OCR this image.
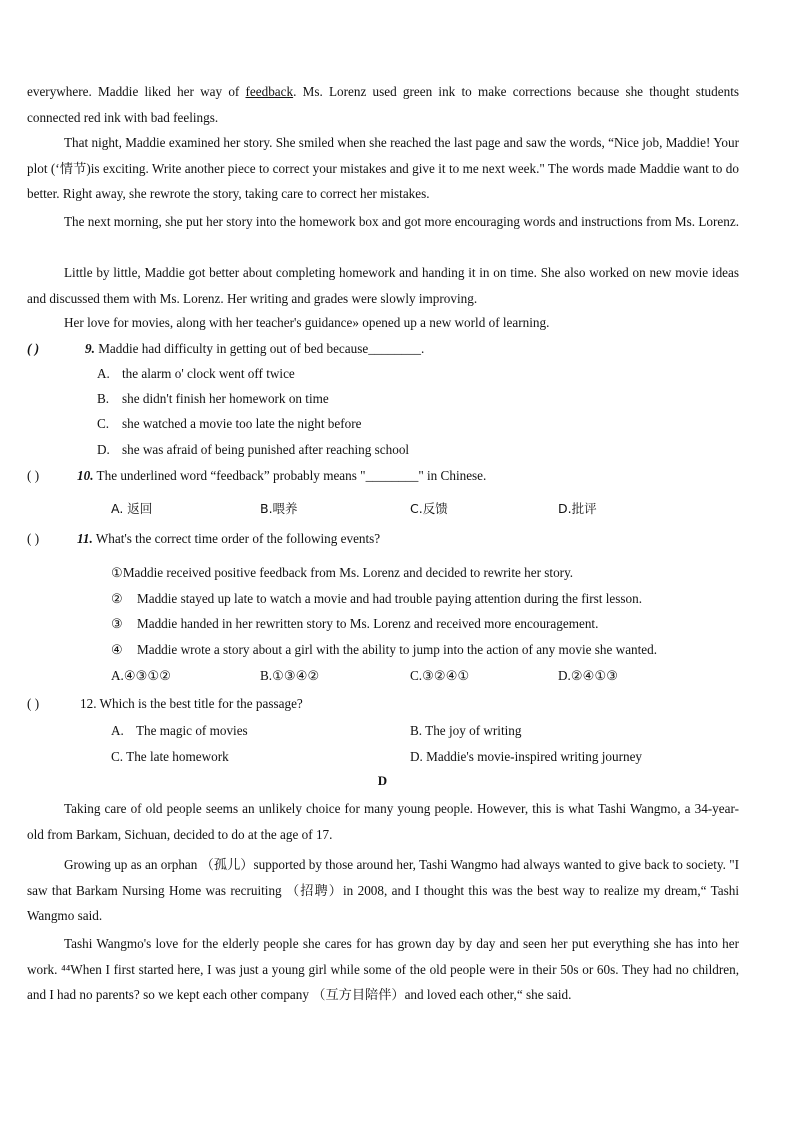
everywhere. Maddie liked her way of feedback. Ms. Lorenz used green ink to make corrections because she thought students connected red ink with bad feelings.

That night, Maddie examined her story. She smiled when she reached the last page and saw the words, “Nice job, Maddie! Your plot (‘情节)is exciting. Write another piece to correct your mistakes and give it to me next week." The words made Maddie want to do better. Right away, she rewrote the story, taking care to correct her mistakes.

The next morning, she put her story into the homework box and got more encouraging words and instructions from Ms. Lorenz.

Little by little, Maddie got better about completing homework and handing it in on time. She also worked on new movie ideas and discussed them with Ms. Lorenz. Her writing and grades were slowly improving.

Her love for movies, along with her teacher's guidance» opened up a new world of learning.

( )	9. Maddie had difficulty in getting out of bed because________.
A. the alarm o' clock went off twice
B. she didn't finish her homework on time
C. she watched a movie too late the night before
D. she was afraid of being punished after reaching school
( )	10. The underlined word “feedback” probably means "________" in Chinese.
A. 返回	B.喂养	C.反馈	D.批评
( )	11. What's the correct time order of the following events?
①Maddie received positive feedback from Ms. Lorenz and decided to rewrite her story.
② Maddie stayed up late to watch a movie and had trouble paying attention during the first lesson.
③ Maddie handed in her rewritten story to Ms. Lorenz and received more encouragement.
④ Maddie wrote a story about a girl with the ability to jump into the action of any movie she wanted.
A.④③①②	B.①③④②	C.③②④①	D.②④①③
( )	12. Which is the best title for the passage?
A. The magic of movies	B. The joy of writing
C. The late homework	D. Maddie's movie-inspired writing journey
D

Taking care of old people seems an unlikely choice for many young people. However, this is what Tashi Wangmo, a 34-year-old from Barkam, Sichuan, decided to do at the age of 17.

Growing up as an orphan （孤儿）supported by those around her, Tashi Wangmo had always wanted to give back to society. "I saw that Barkam Nursing Home was recruiting （招聘）in 2008, and I thought this was the best way to realize my dream,“ Tashi Wangmo said.

Tashi Wangmo's love for the elderly people she cares for has grown day by day and seen her put everything she has into her work. ⁴⁴When I first started here, I was just a young girl while some of the old people were in their 50s or 60s. They had no children, and I had no parents? so we kept each other company （互方目陪伴）and loved each other,“ she said.
